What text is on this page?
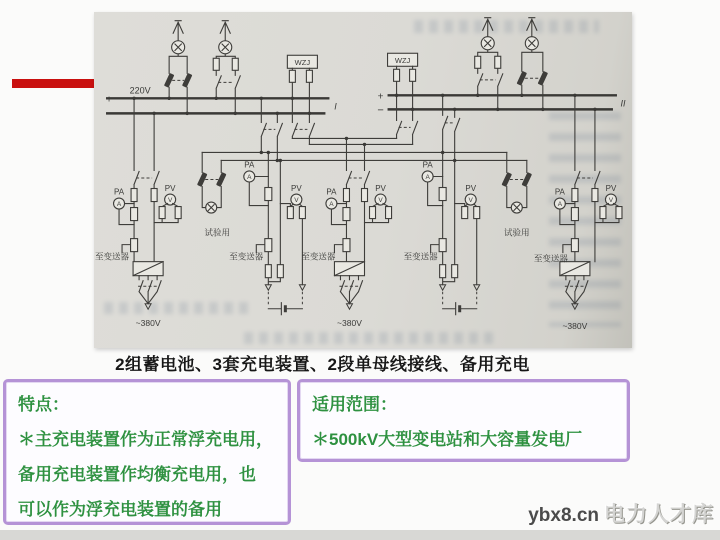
220V
+
−
I
+
−
II
WZJ	WZJ
PA
PA
PA
PA
PA
PV	PV	PV	PV	PV
A
A
A
A
A
V	V	V	V	V
试验用	试验用
至变送器	至变送器	至变送器	至变送器	至变送器
~380V	~380V	~380V
2组蓄电池、3套充电装置、2段单母线接线、备用充电
特点：
＊主充电装置作为正常浮充电用，
备用充电装置作均衡充电用，也
可以作为浮充电装置的备用
适用范围：
＊500kV大型变电站和大容量发电厂
ybx8.cn 电力人才库
